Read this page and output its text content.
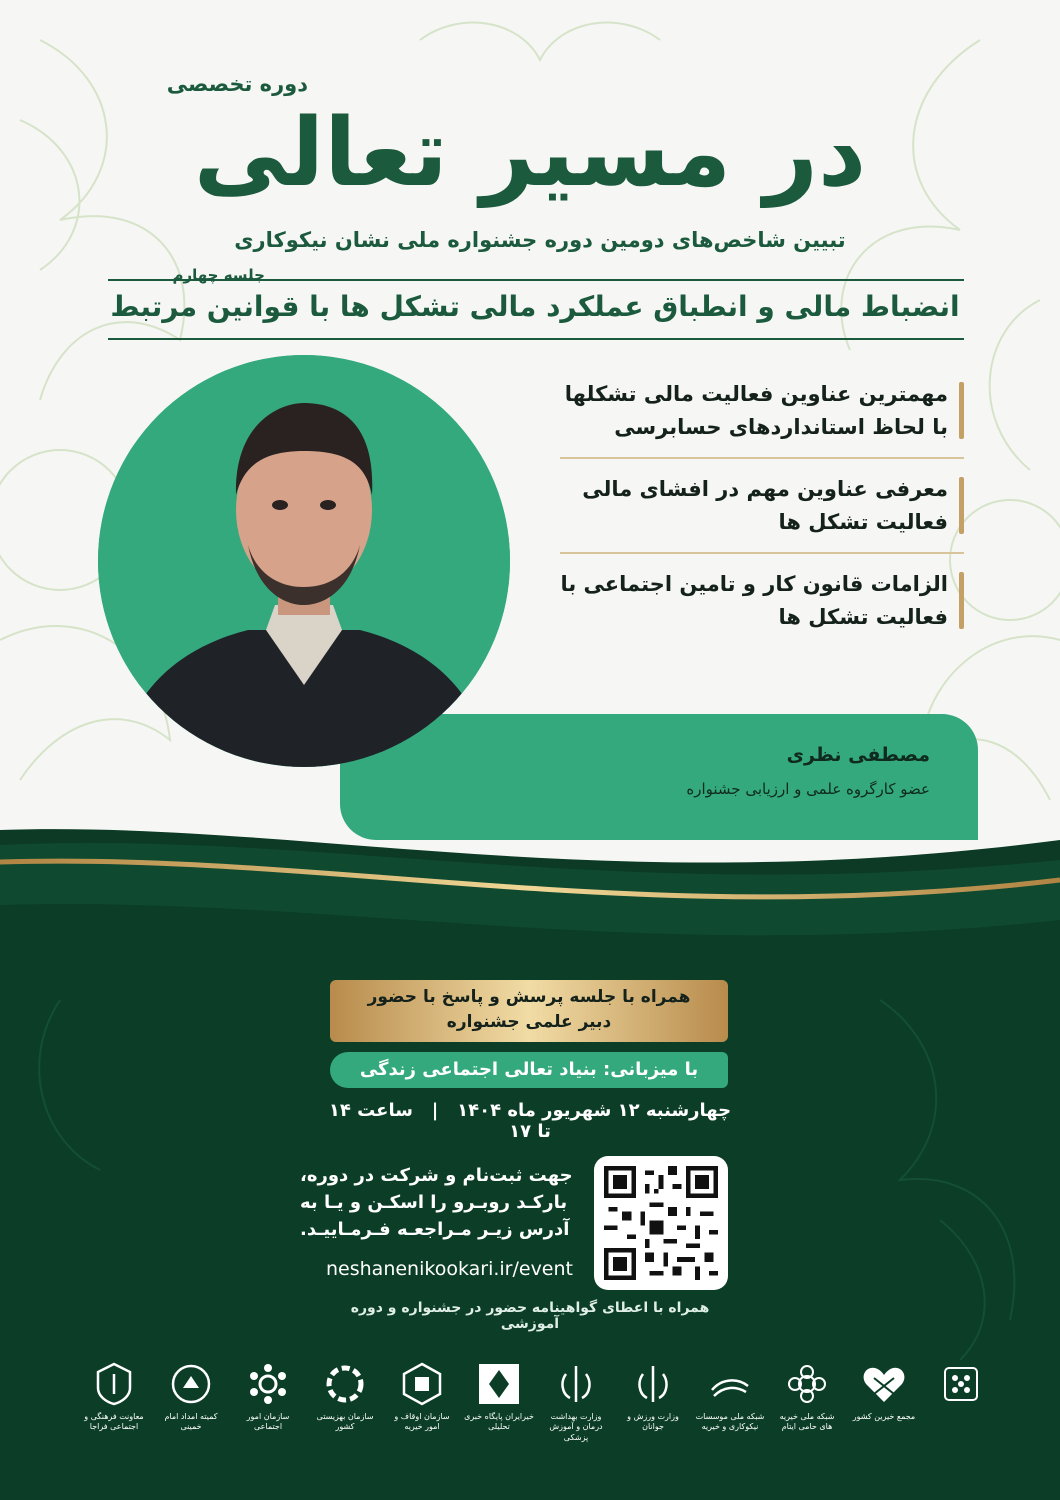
دوره تخصصی
در مسیر تعالی
تبیین شاخص‌های دومین دوره جشنواره ملی نشان نیکوکاری
جلسه چهارم
انضباط مالی و انطباق عملکرد مالی تشکل ها با قوانین مرتبط
مهمترین عناوین فعالیت مالی تشکلها
با لحاظ استانداردهای حسابرسی
معرفی عناوین مهم در افشای مالی
فعالیت تشکل ها
الزامات قانون کار و تامین اجتماعی با
فعالیت تشکل ها
مصطفی نظری
عضو کارگروه علمی و ارزیابی جشنواره
همراه با جلسه پرسش و پاسخ با حضور
دبیر علمی جشنواره
با میزبانی: بنیاد تعالی اجتماعی زندگی
چهارشنبه ۱۲ شهریور ماه ۱۴۰۴   |   ساعت ۱۴ تا ۱۷
جهت ثبت‌نام و شرکت در دوره،
بارکـد روبـرو را اسکـن و یـا به
آدرس زیـر مـراجعـه فـرمـاییـد.
neshanenikookari.ir/event
همراه با اعطای گواهینامه حضور در جشنواره و دوره آموزشی
مجمع خیرین کشور
شبکه ملی خیریه های حامی ایتام
شبکه ملی موسسات نیکوکاری و خیریه
وزارت ورزش و جوانان
وزارت بهداشت درمان و آموزش پزشکی
خیرایران پایگاه خبری تحلیلی
سازمان اوقاف و امور خیریه
سازمان بهزیستی کشور
سازمان امور اجتماعی
کمیته امداد امام خمینی
معاونت فرهنگی و اجتماعی فراجا
